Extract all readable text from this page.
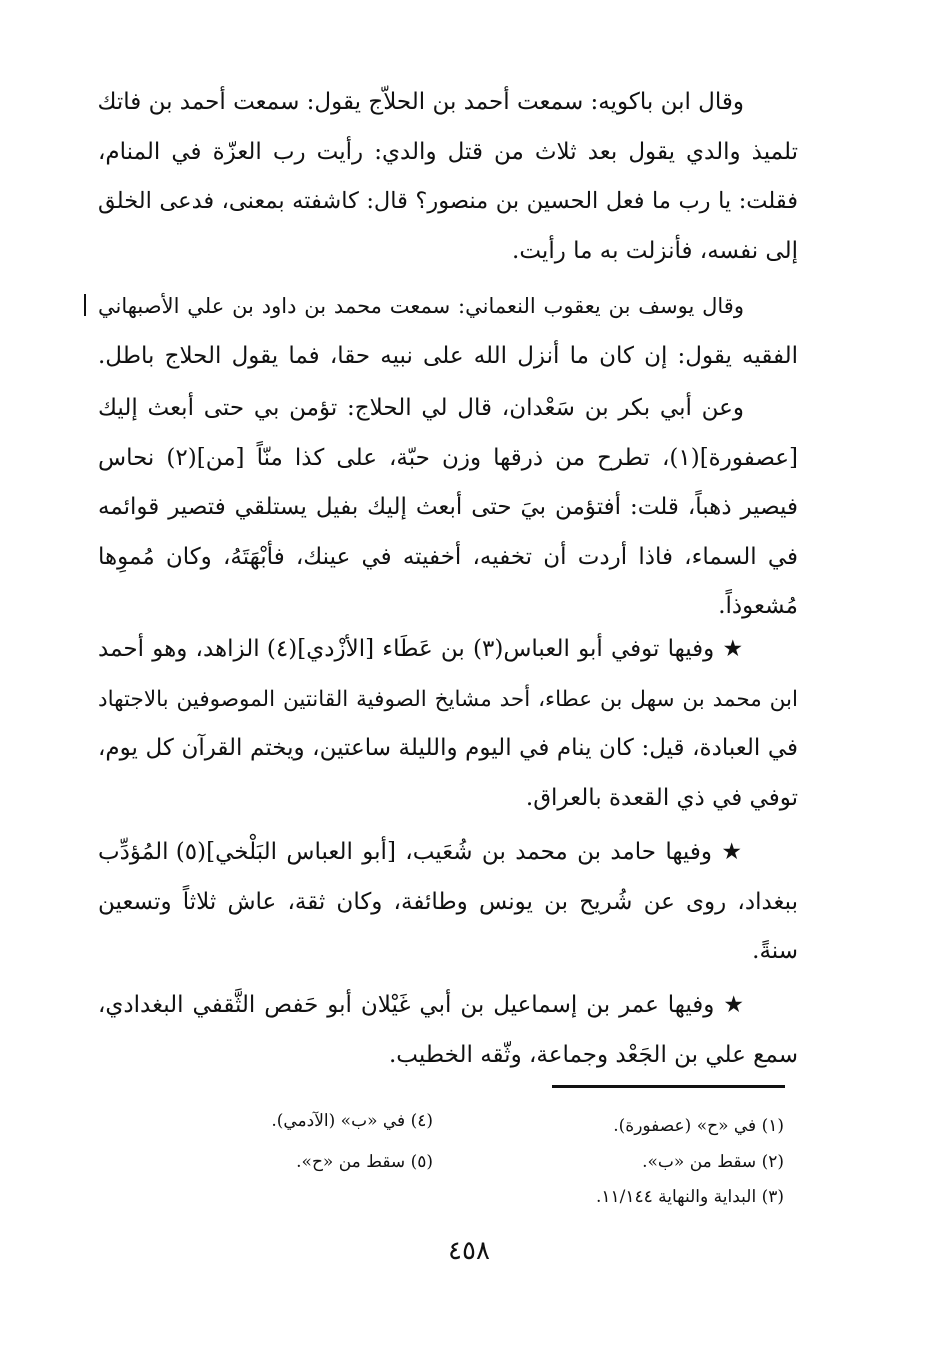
وقال ابن باكويه: سمعت أحمد بن الحلاّج يقول: سمعت أحمد بن فاتك
تلميذ والدي يقول بعد ثلاث من قتل والدي: رأيت رب العزّة في المنام،
فقلت: يا رب ما فعل الحسين بن منصور؟ قال: كاشفته بمعنى، فدعى الخلق
إلى نفسه، فأنزلت به ما رأيت.

وقال يوسف بن يعقوب النعماني: سمعت محمد بن داود بن علي الأصبهاني
الفقيه يقول: إن كان ما أنزل الله على نبيه حقا، فما يقول الحلاج باطل.

وعن أبي بكر بن سَعْدان، قال لي الحلاج: تؤمن بي حتى أبعث إليك
[عصفورة](١)، تطرح من ذرقها وزن حبّة، على كذا منّاً [من](٢) نحاس
فيصير ذهباً، قلت: أفتؤمن بيَ حتى أبعث إليك بفيل يستلقي فتصير قوائمه
في السماء، فاذا أردت أن تخفيه، أخفيته في عينك، فأبْهَتَهُ، وكان مُموِها
مُشعوذاً.

★ وفيها توفي أبو العباس(٣) بن عَطَاء [الأزْدي](٤) الزاهد، وهو أحمد
ابن محمد بن سهل بن عطاء، أحد مشايخ الصوفية القانتين الموصوفين بالاجتهاد
في العبادة، قيل: كان ينام في اليوم والليلة ساعتين، ويختم القرآن كل يوم،
توفي في ذي القعدة بالعراق.

★ وفيها حامد بن محمد بن شُعَيب، [أبو العباس البَلْخي](٥) المُؤدِّب
ببغداد، روى عن شُريح بن يونس وطائفة، وكان ثقة، عاش ثلاثاً وتسعين
سنةً.

★ وفيها عمر بن إسماعيل بن أبي غَيْلان أبو حَفص الثَّقفي البغدادي،
سمع علي بن الجَعْد وجماعة، وثّقه الخطيب.

(١) في «ح» (عصفورة).
(٢) سقط من «ب».
(٣) البداية والنهاية ١١/١٤٤.
(٤) في «ب» (الآدمي).
(٥) سقط من «ح».
٤٥٨
